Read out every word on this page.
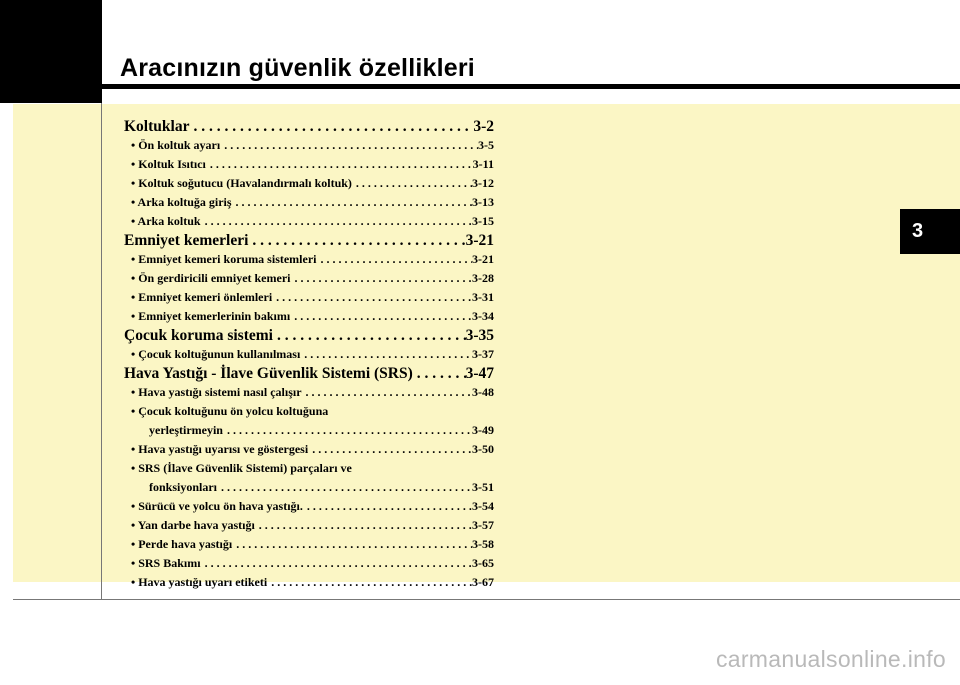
Aracınızın güvenlik özellikleri
3
Koltuklar . . .	3-2
• Ön koltuk ayarı . . .	3-5
• Koltuk Isıtıcı . . .	3-11
• Koltuk soğutucu (Havalandırmalı koltuk) . . .	3-12
• Arka koltuğa giriş . . .	3-13
• Arka koltuk . . .	3-15
Emniyet kemerleri . . .	3-21
• Emniyet kemeri koruma sistemleri . . .	3-21
• Ön gerdiricili emniyet kemeri . . .	3-28
• Emniyet kemeri önlemleri . . .	3-31
• Emniyet kemerlerinin bakımı . . .	3-34
Çocuk koruma sistemi . . .	3-35
• Çocuk koltuğunun kullanılması . . .	3-37
Hava Yastığı - İlave Güvenlik Sistemi (SRS) . . .	3-47
• Hava yastığı sistemi nasıl çalışır . . .	3-48
• Çocuk koltuğunu ön yolcu koltuğuna
yerleştirmeyin . . .	3-49
• Hava yastığı uyarısı ve göstergesi . . .	3-50
• SRS (İlave Güvenlik Sistemi) parçaları ve
fonksiyonları . . .	3-51
• Sürücü ve yolcu ön hava yastığı. . . .	3-54
• Yan darbe hava yastığı . . .	3-57
• Perde hava yastığı . . .	3-58
• SRS Bakımı . . .	3-65
• Hava yastığı uyarı etiketi . . .	3-67
carmanualsonline.info
